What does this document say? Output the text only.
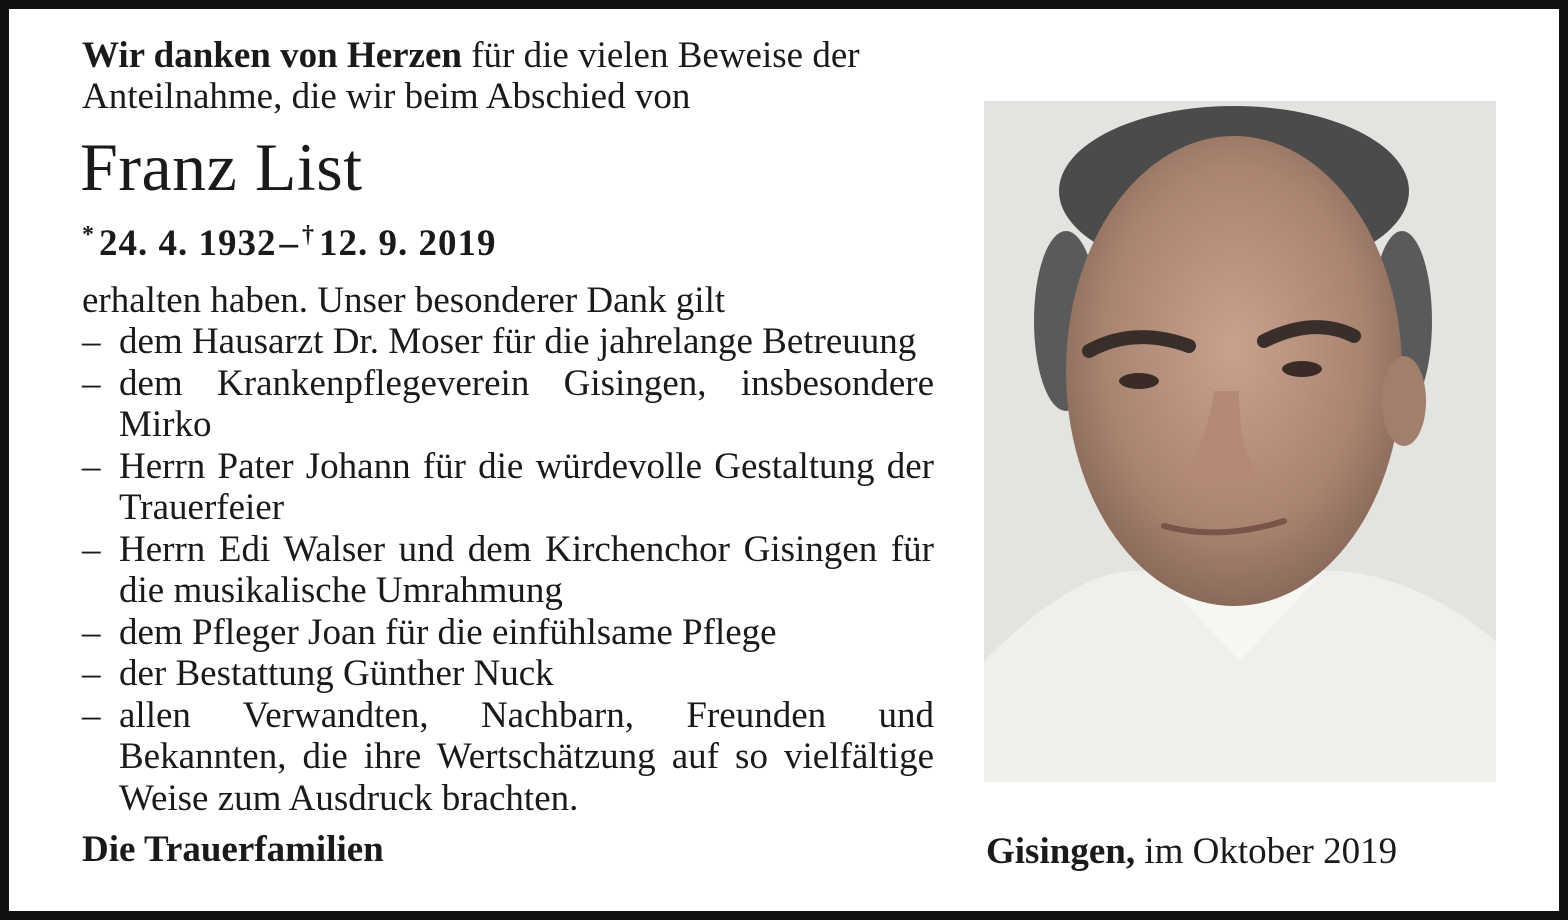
Wir danken von Herzen für die vielen Beweise der Anteilnahme, die wir beim Abschied von

Franz List

* 24. 4. 1932– † 12. 9. 2019

erhalten haben. Unser besonderer Dank gilt

– dem Hausarzt Dr. Moser für die jahrelange Betreuung
– dem Krankenpflegeverein Gisingen, insbesondere Mirko
– Herrn Pater Johann für die würdevolle Gestaltung der Trauerfeier
– Herrn Edi Walser und dem Kirchenchor Gisingen für die musikalische Umrahmung
– dem Pfleger Joan für die einfühlsame Pflege
– der Bestattung Günther Nuck
– allen Verwandten, Nachbarn, Freunden und Bekannten, die ihre Wertschätzung auf so vielfältige Weise zum Ausdruck brachten.

Die Trauerfamilien	Gisingen, im Oktober 2019
